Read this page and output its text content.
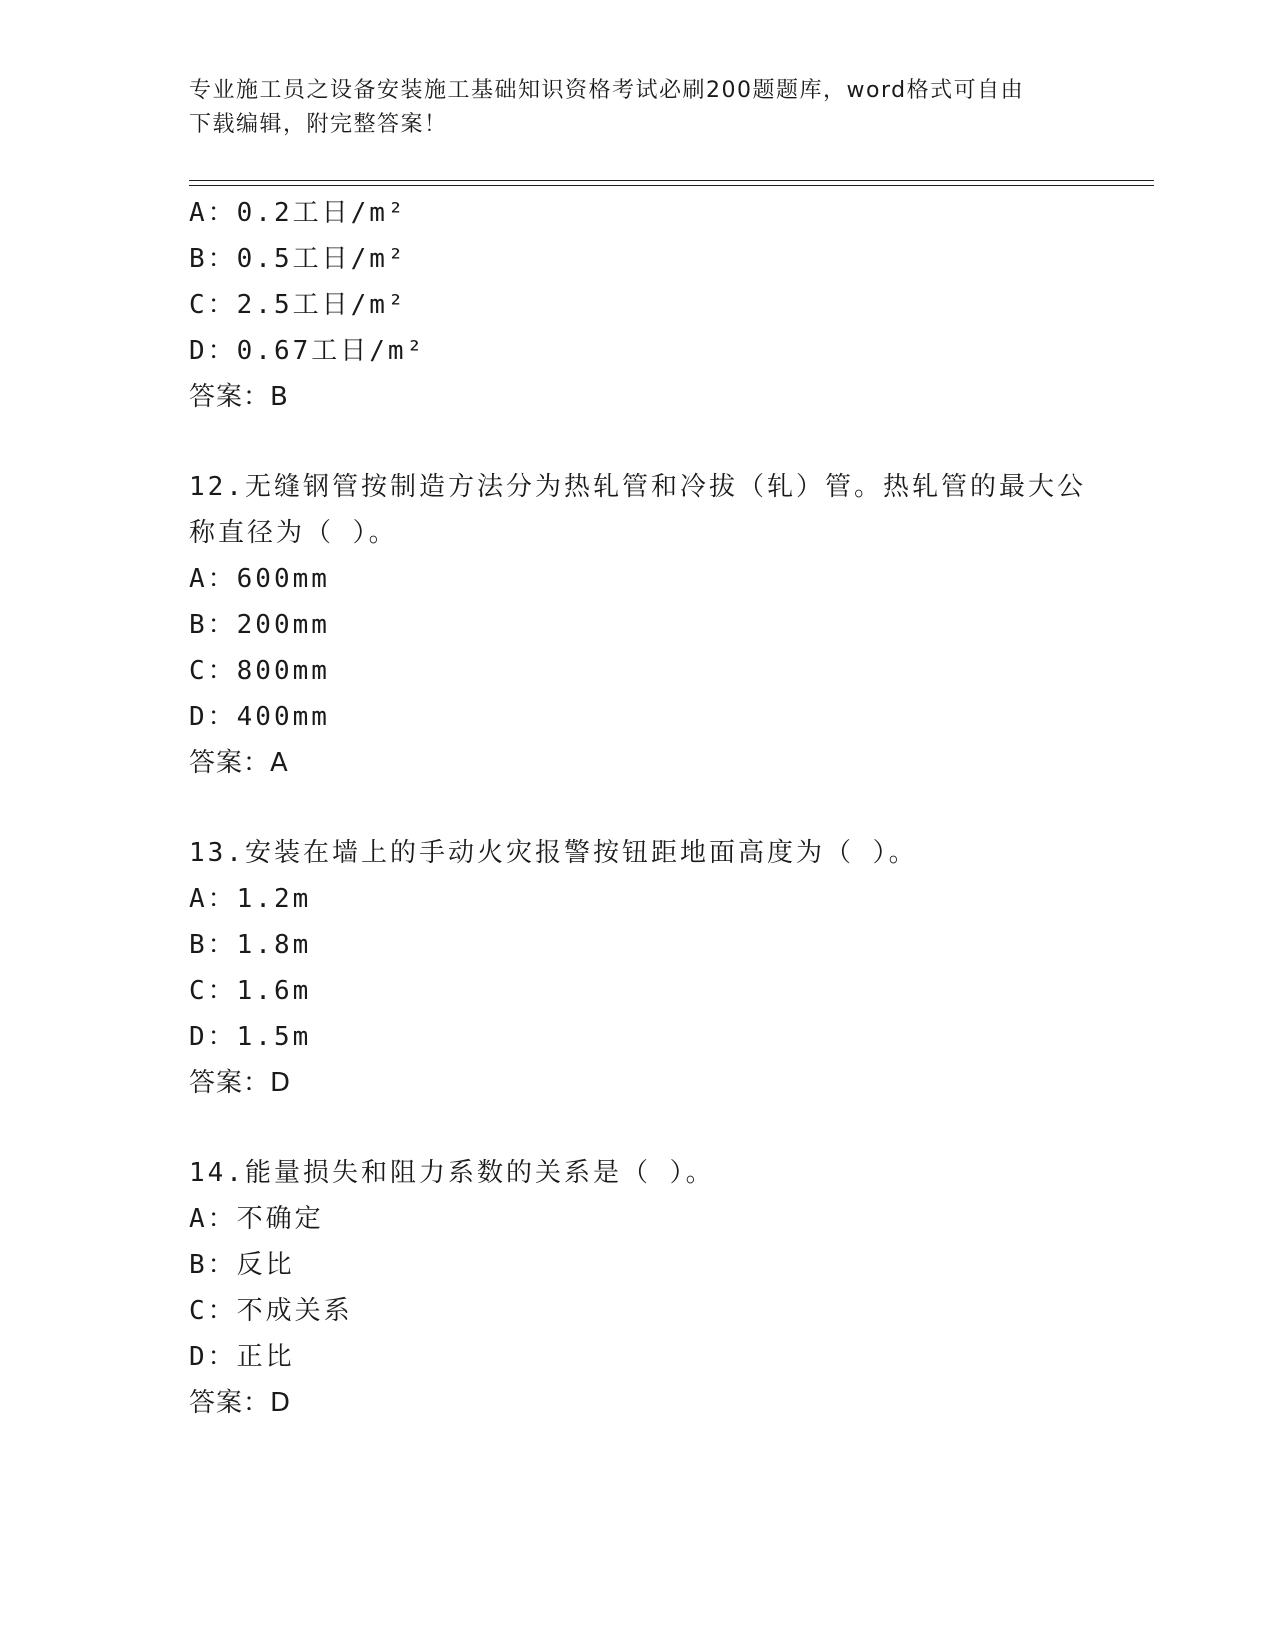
专业施工员之设备安装施工基础知识资格考试必刷200题题库，word格式可自由
下载编辑，附完整答案！
A：0.2工日/m²
B：0.5工日/m²
C：2.5工日/m²
D：0.67工日/m²
答案：B
12.无缝钢管按制造方法分为热轧管和冷拔（轧）管。热轧管的最大公
称直径为（ ）。
A：600mm
B：200mm
C：800mm
D：400mm
答案：A
13.安装在墙上的手动火灾报警按钮距地面高度为（ ）。
A：1.2m
B：1.8m
C：1.6m
D：1.5m
答案：D
14.能量损失和阻力系数的关系是（ ）。
A：不确定
B：反比
C：不成关系
D：正比
答案：D
